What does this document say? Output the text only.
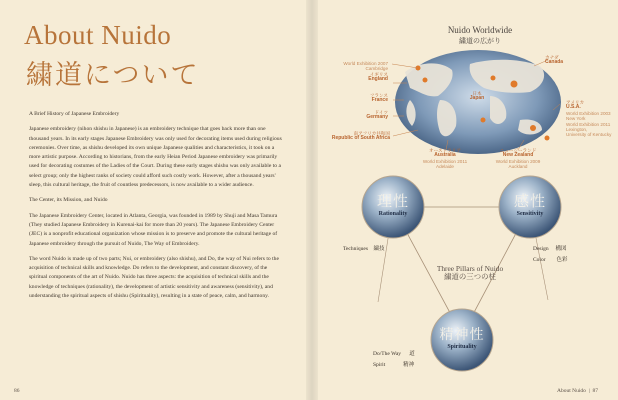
About Nuido
繍道について

A Brief History of Japanese Embroidery

Japanese embroidery (nihon shishu in Japanese) is an embroidery technique that goes back more than one thousand years. In its early stages Japanese Embroidery was only used for decorating items used during religious ceremonies. Over time, as shishu developed its own unique Japanese qualities and characteristics, it took on a more artistic purpose. According to historians, from the early Heian Period Japanese embroidery was primarily used for decorating costumes of the Ladies of the Court. During these early stages shishu was only available to a select group; only the highest ranks of society could afford such costly work. However, after a thousand years' sleep, this cultural heritage, the fruit of countless predecessors, is now available to a wider audience.

The Center, its Mission, and Nuido

The Japanese Embroidery Center, located in Atlanta, Georgia, was founded in 1989 by Shuji and Masa Tamura (They studied Japanese Embroidery in Kurenai-kai for more than 20 years). The Japanese Embroidery Center (JEC) is a nonprofit educational organization whose mission is to preserve and promote the cultural heritage of Japanese embroidery through the pursuit of Nuido, The Way of Embroidery.

The word Nuido is made up of two parts; Nui, or embroidery (also shishu), and Do, the way of Nui refers to the acquisition of technical skills and knowledge. Do refers to the development, and constant discovery, of the spiritual components of the art of Nuido. Nuido has three aspects: the acquisition of technical skills and the knowledge of techniques (rationality), the development of artistic sensitivity and awareness (sensitivity), and understanding the spiritual aspects of shishu (Spirituality), resulting in a state of peace, calm, and harmony.

86
Nuido Worldwide
繍道の広がり
World Exhibition 2007
Cambridge
イギリス
England
フランス
France
ドイツ
Germany
南アフリカ共和国
Republic of South Africa
日本
Japan
カナダ
Canada
アメリカ
U.S.A.
World Exhibition 2003
New York
World Exhibition 2011
Lexington,
University of Kentucky
オーストラリア
Australia
World Exhibition 2011
Adelaide
ニュージーランド
New Zealand
World Exhibition 2009
Auckland
理性
Rationality
感性
Sensitivity
精神性
Spirituality
Three Pillars of Nuido
繍道の三つの柱
Techniques 繍技	Design 構図
Color 色彩
Do/The Way 道
Spirit	精神
About Nuido  |  87
